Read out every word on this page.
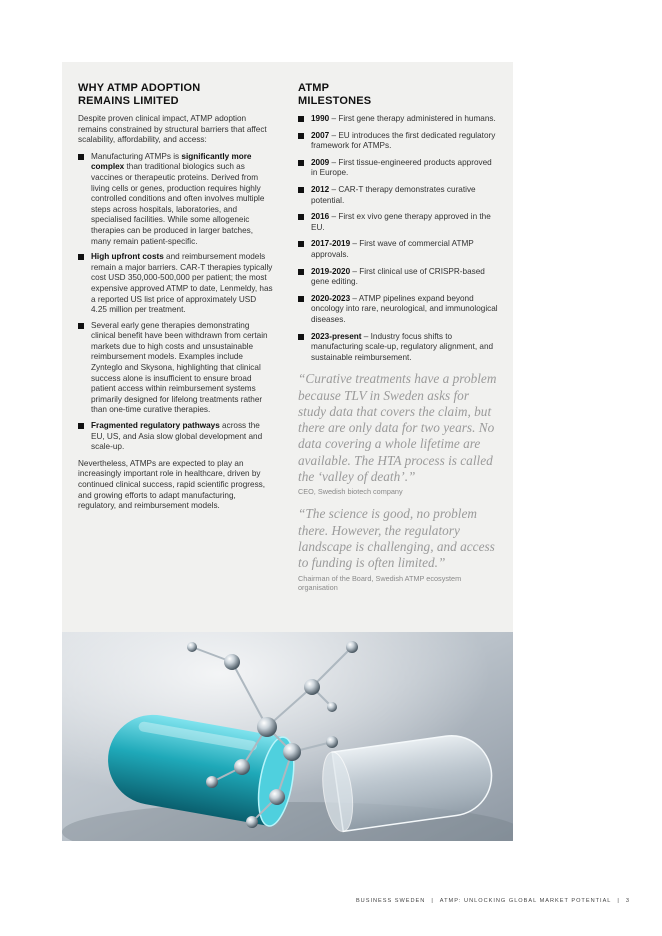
WHY ATMP ADOPTION
REMAINS LIMITED

Despite proven clinical impact, ATMP adoption remains constrained by structural barriers that affect scalability, affordability, and access:

Manufacturing ATMPs is significantly more complex than traditional biologics such as vaccines or therapeutic proteins. Derived from living cells or genes, production requires highly controlled conditions and often involves multiple steps across hospitals, laboratories, and specialised facilities. While some allogeneic therapies can be produced in larger batches, many remain patient-specific.
High upfront costs and reimbursement models remain a major barriers. CAR-T therapies typically cost USD 350,000-500,000 per patient; the most expensive approved ATMP to date, Lenmeldy, has a reported US list price of approximately USD 4.25 million per treatment.
Several early gene therapies demonstrating clinical benefit have been withdrawn from certain markets due to high costs and unsustainable reimbursement models. Examples include Zynteglo and Skysona, highlighting that clinical success alone is insufficient to ensure broad patient access within reimbursement systems primarily designed for lifelong treatments rather than one-time curative therapies.
Fragmented regulatory pathways across the EU, US, and Asia slow global development and scale-up.

Nevertheless, ATMPs are expected to play an increasingly important role in healthcare, driven by continued clinical success, rapid scientific progress, and growing efforts to adapt manufacturing, regulatory, and reimbursement models.

ATMP
MILESTONES
1990 – First gene therapy administered in humans.
2007 – EU introduces the first dedicated regulatory framework for ATMPs.
2009 – First tissue-engineered products approved in Europe.
2012 – CAR-T therapy demonstrates curative potential.
2016 – First ex vivo gene therapy approved in the EU.
2017-2019 – First wave of commercial ATMP approvals.
2019-2020 – First clinical use of CRISPR-based gene editing.
2020-2023 – ATMP pipelines expand beyond oncology into rare, neurological, and immunological diseases.
2023-present – Industry focus shifts to manufacturing scale-up, regulatory alignment, and sustainable reimbursement.

“Curative treatments have a problem because TLV in Sweden asks for study data that covers the claim, but there are only data for two years. No data covering a whole lifetime are available. The HTA process is called the ‘valley of death’.”

CEO, Swedish biotech company

“The science is good, no problem there. However, the regulatory landscape is challenging, and access to funding is often limited.”

Chairman of the Board, Swedish ATMP ecosystem organisation

BUSINESS SWEDEN | ATMP: UNLOCKING GLOBAL MARKET POTENTIAL | 3
